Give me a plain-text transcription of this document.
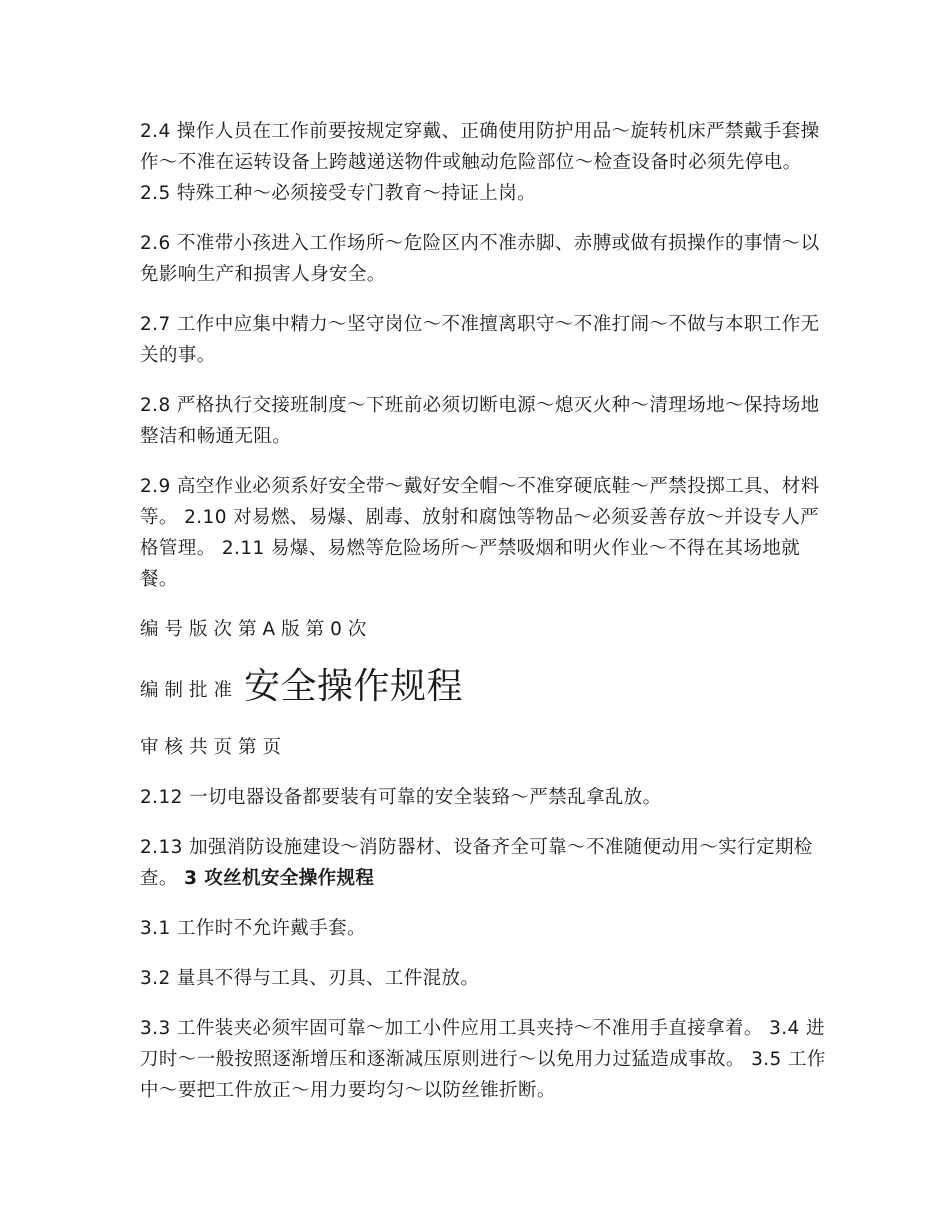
2.4 操作人员在工作前要按规定穿戴、正确使用防护用品～旋转机床严禁戴手套操作～不准在运转设备上跨越递送物件或触动危险部位～检查设备时必须先停电。 2.5 特殊工种～必须接受专门教育～持证上岗。

2.6 不准带小孩进入工作场所～危险区内不准赤脚、赤膊或做有损操作的事情～以免影响生产和损害人身安全。

2.7 工作中应集中精力～坚守岗位～不准擅离职守～不准打闹～不做与本职工作无关的事。

2.8 严格执行交接班制度～下班前必须切断电源～熄灭火种～清理场地～保持场地整洁和畅通无阻。

2.9 高空作业必须系好安全带～戴好安全帽～不准穿硬底鞋～严禁投掷工具、材料等。 2.10 对易燃、易爆、剧毒、放射和腐蚀等物品～必须妥善存放～并设专人严格管理。 2.11 易爆、易燃等危险场所～严禁吸烟和明火作业～不得在其场地就餐。

编号版次第A版第0次

编制批准 安全操作规程

审核共页第页

2.12 一切电器设备都要装有可靠的安全装臵～严禁乱拿乱放。

2.13 加强消防设施建设～消防器材、设备齐全可靠～不准随便动用～实行定期检查。 3 攻丝机安全操作规程

3.1 工作时不允许戴手套。

3.2 量具不得与工具、刃具、工件混放。

3.3 工件装夹必须牢固可靠～加工小件应用工具夹持～不准用手直接拿着。 3.4 进刀时～一般按照逐渐增压和逐渐减压原则进行～以免用力过猛造成事故。 3.5 工作中～要把工件放正～用力要均匀～以防丝锥折断。
